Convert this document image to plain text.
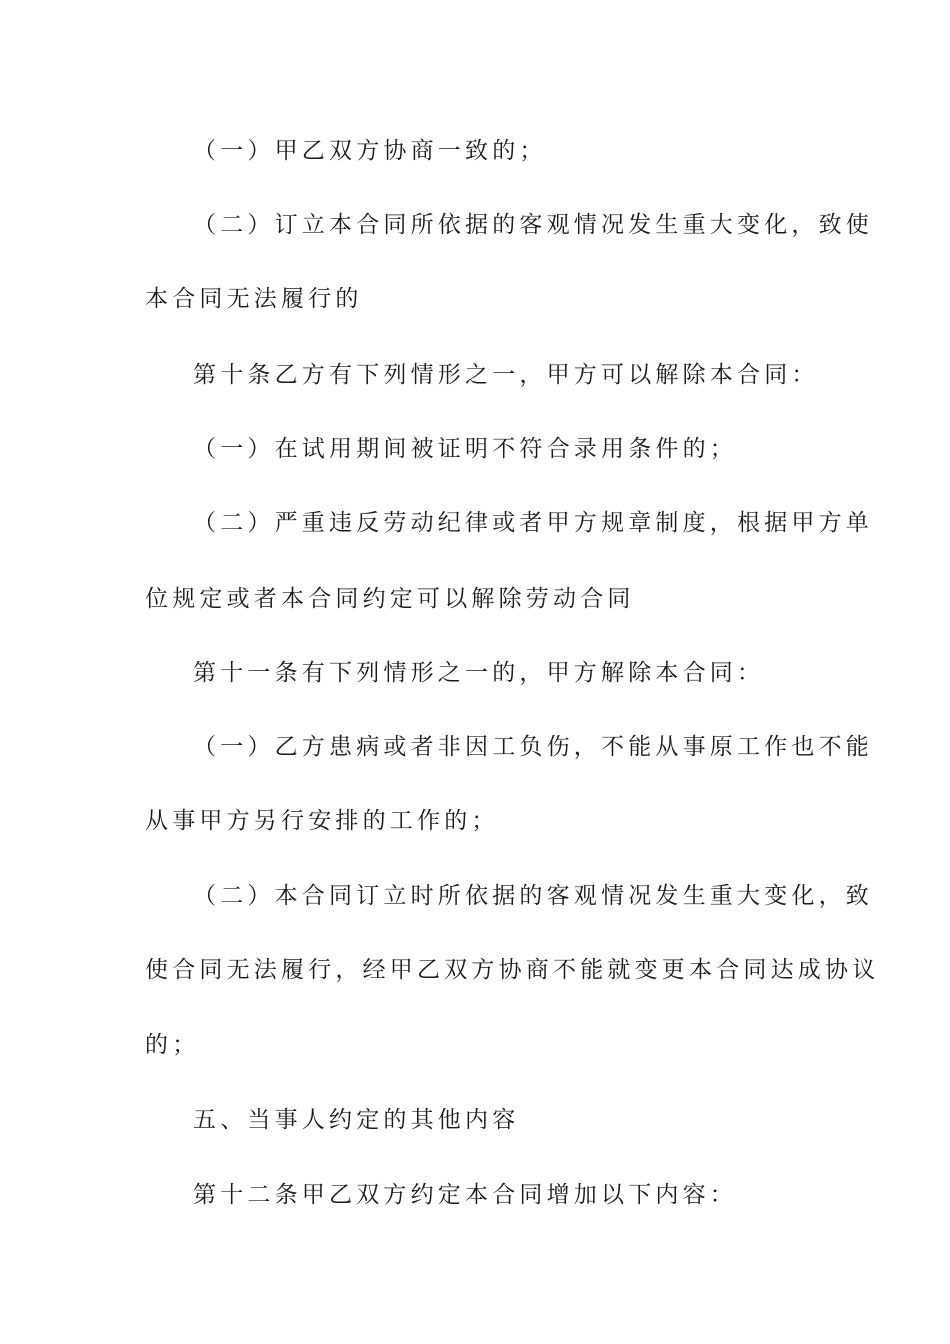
（一）甲乙双方协商一致的；
（二）订立本合同所依据的客观情况发生重大变化，致使
本合同无法履行的
第十条乙方有下列情形之一，甲方可以解除本合同：
（一）在试用期间被证明不符合录用条件的；
（二）严重违反劳动纪律或者甲方规章制度，根据甲方单
位规定或者本合同约定可以解除劳动合同
第十一条有下列情形之一的，甲方解除本合同：
（一）乙方患病或者非因工负伤，不能从事原工作也不能
从事甲方另行安排的工作的；
（二）本合同订立时所依据的客观情况发生重大变化，致
使合同无法履行，经甲乙双方协商不能就变更本合同达成协议
的；
五、当事人约定的其他内容
第十二条甲乙双方约定本合同增加以下内容：
